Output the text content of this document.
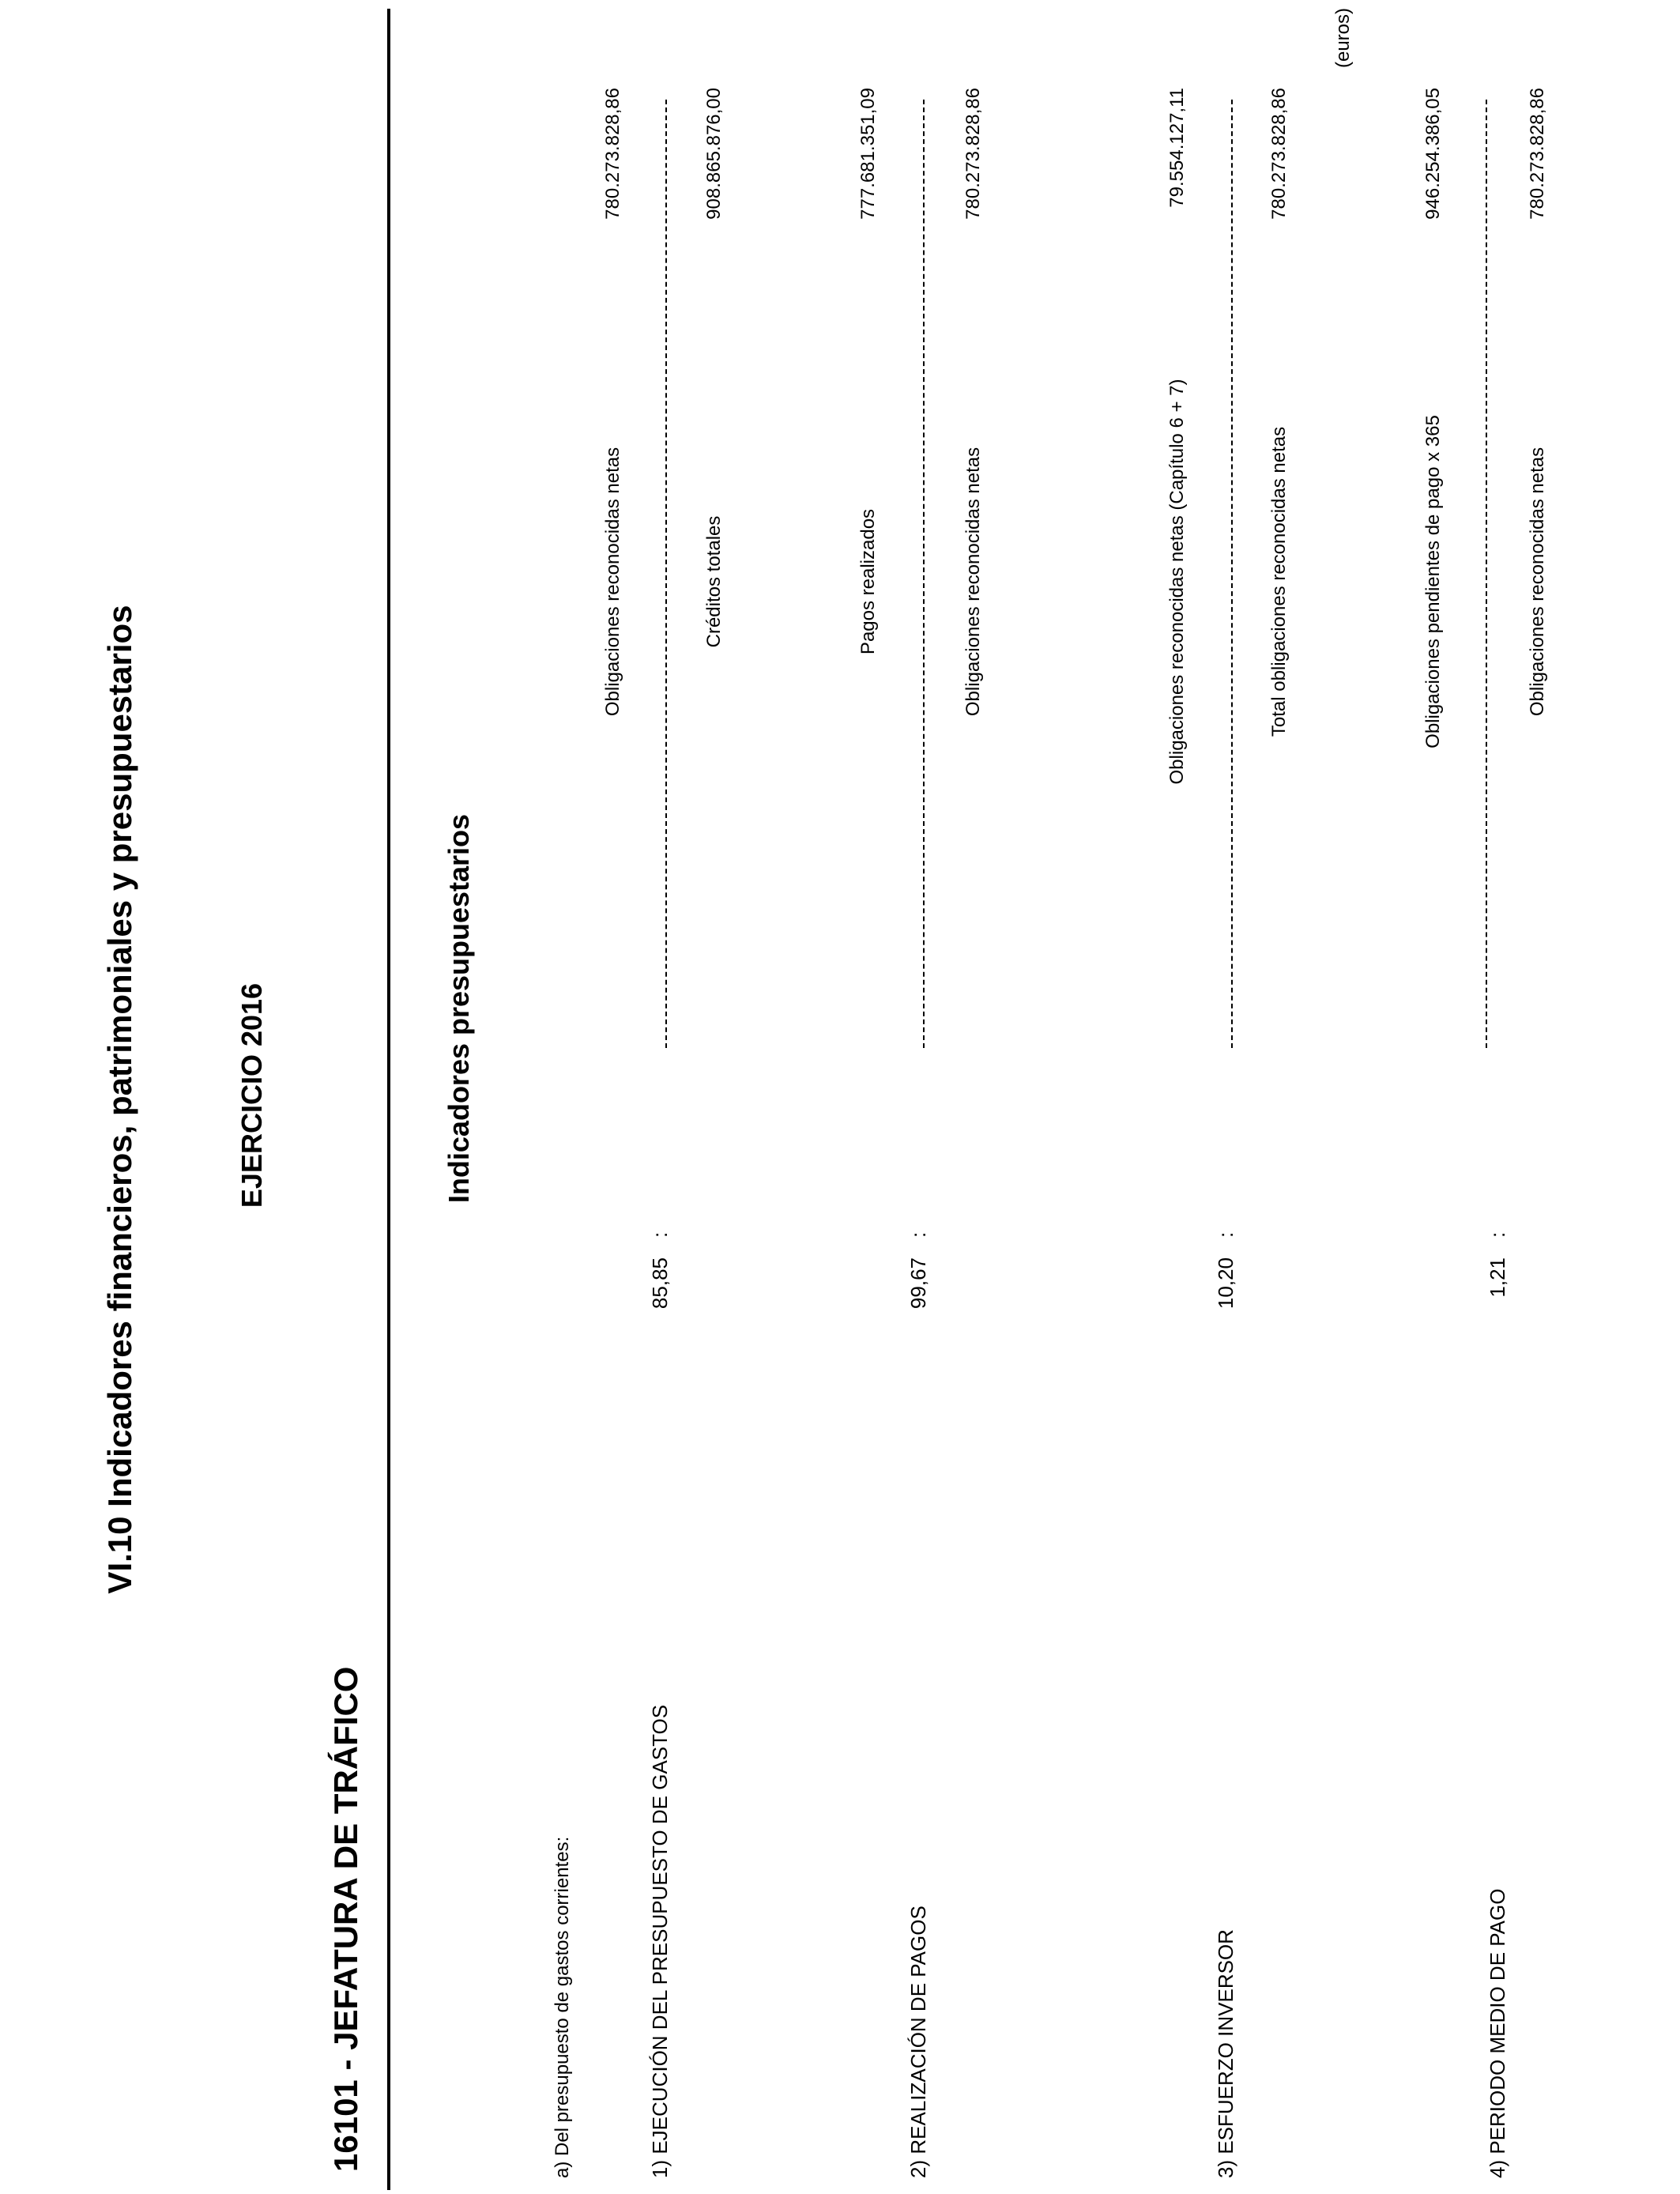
VI.10 Indicadores financieros, patrimoniales y presupuestarios	EJERCICIO 2016
16101 - JEFATURA DE TRÁFICO
(euros)
Indicadores presupuestarios
a) Del presupuesto de gastos corrientes:	1) EJECUCIÓN DEL PRESUPUESTO DE GASTOS
85,85
:
Obligaciones reconocidas netas	Créditos totales
780.273.828,86	908.865.876,00
2) REALIZACIÓN DE PAGOS
99,67
:
Pagos realizados	Obligaciones reconocidas netas
777.681.351,09	780.273.828,86
3) ESFUERZO INVERSOR
10,20
:
Obligaciones reconocidas netas (Capítulo 6 + 7)	Total obligaciones reconocidas netas
79.554.127,11	780.273.828,86
4) PERIODO MEDIO DE PAGO
1,21
:
Obligaciones pendientes de pago x 365	Obligaciones reconocidas netas
946.254.386,05	780.273.828,86
